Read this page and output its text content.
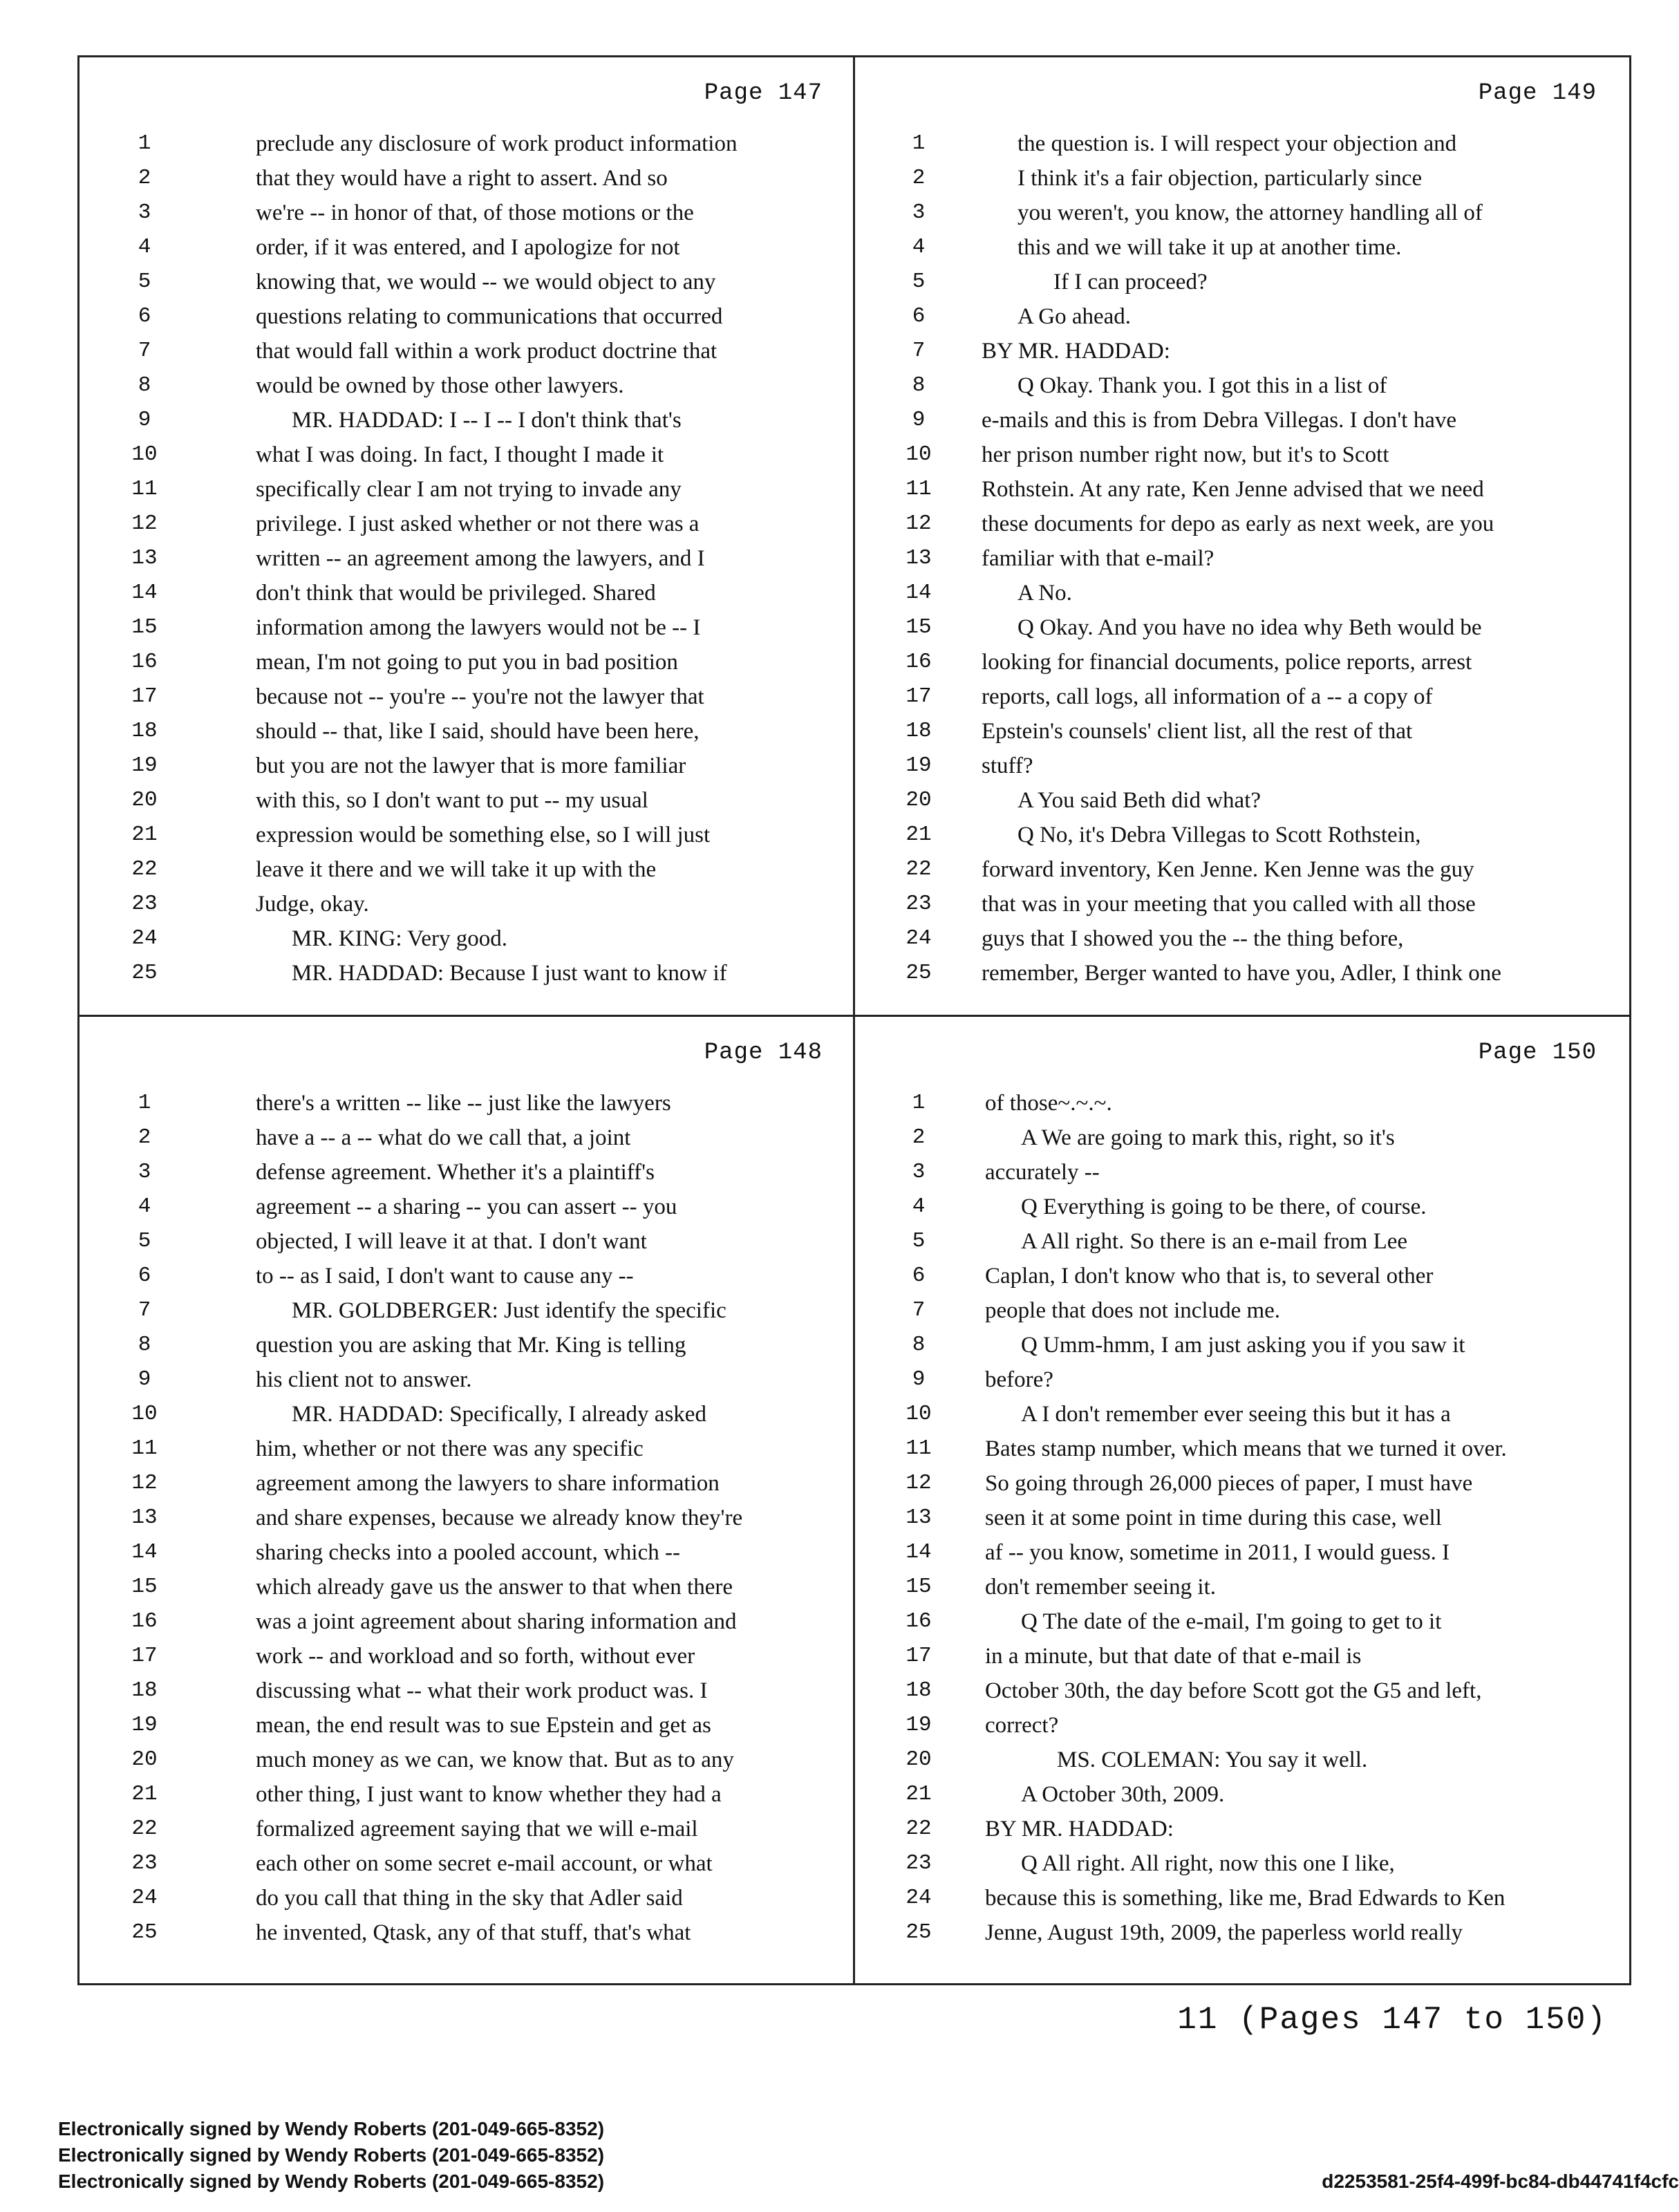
Page 147
1	preclude any disclosure of work product information
2	that they would have a right to assert. And so
3	we're -- in honor of that, of those motions or the
4	order, if it was entered, and I apologize for not
5	knowing that, we would -- we would object to any
6	questions relating to communications that occurred
7	that would fall within a work product doctrine that
8	would be owned by those other lawyers.
9	MR. HADDAD: I -- I -- I don't think that's
10	what I was doing. In fact, I thought I made it
11	specifically clear I am not trying to invade any
12	privilege. I just asked whether or not there was a
13	written -- an agreement among the lawyers, and I
14	don't think that would be privileged. Shared
15	information among the lawyers would not be -- I
16	mean, I'm not going to put you in bad position
17	because not -- you're -- you're not the lawyer that
18	should -- that, like I said, should have been here,
19	but you are not the lawyer that is more familiar
20	with this, so I don't want to put -- my usual
21	expression would be something else, so I will just
22	leave it there and we will take it up with the
23	Judge, okay.
24	MR. KING: Very good.
25	MR. HADDAD: Because I just want to know if
Page 149
1	the question is. I will respect your objection and
2	I think it's a fair objection, particularly since
3	you weren't, you know, the attorney handling all of
4	this and we will take it up at another time.
5	If I can proceed?
6	A Go ahead.
7	BY MR. HADDAD:
8	Q Okay. Thank you. I got this in a list of
9	e-mails and this is from Debra Villegas. I don't have
10	her prison number right now, but it's to Scott
11	Rothstein. At any rate, Ken Jenne advised that we need
12	these documents for depo as early as next week, are you
13	familiar with that e-mail?
14	A No.
15	Q Okay. And you have no idea why Beth would be
16	looking for financial documents, police reports, arrest
17	reports, call logs, all information of a -- a copy of
18	Epstein's counsels' client list, all the rest of that
19	stuff?
20	A You said Beth did what?
21	Q No, it's Debra Villegas to Scott Rothstein,
22	forward inventory, Ken Jenne. Ken Jenne was the guy
23	that was in your meeting that you called with all those
24	guys that I showed you the -- the thing before,
25	remember, Berger wanted to have you, Adler, I think one
Page 148
1	there's a written -- like -- just like the lawyers
2	have a -- a -- what do we call that, a joint
3	defense agreement. Whether it's a plaintiff's
4	agreement -- a sharing -- you can assert -- you
5	objected, I will leave it at that. I don't want
6	to -- as I said, I don't want to cause any --
7	MR. GOLDBERGER: Just identify the specific
8	question you are asking that Mr. King is telling
9	his client not to answer.
10	MR. HADDAD: Specifically, I already asked
11	him, whether or not there was any specific
12	agreement among the lawyers to share information
13	and share expenses, because we already know they're
14	sharing checks into a pooled account, which --
15	which already gave us the answer to that when there
16	was a joint agreement about sharing information and
17	work -- and workload and so forth, without ever
18	discussing what -- what their work product was. I
19	mean, the end result was to sue Epstein and get as
20	much money as we can, we know that. But as to any
21	other thing, I just want to know whether they had a
22	formalized agreement saying that we will e-mail
23	each other on some secret e-mail account, or what
24	do you call that thing in the sky that Adler said
25	he invented, Qtask, any of that stuff, that's what
Page 150
1	of those~.~.~.
2	A We are going to mark this, right, so it's
3	accurately --
4	Q Everything is going to be there, of course.
5	A All right. So there is an e-mail from Lee
6	Caplan, I don't know who that is, to several other
7	people that does not include me.
8	Q Umm-hmm, I am just asking you if you saw it
9	before?
10	A I don't remember ever seeing this but it has a
11	Bates stamp number, which means that we turned it over.
12	So going through 26,000 pieces of paper, I must have
13	seen it at some point in time during this case, well
14	af -- you know, sometime in 2011, I would guess. I
15	don't remember seeing it.
16	Q The date of the e-mail, I'm going to get to it
17	in a minute, but that date of that e-mail is
18	October 30th, the day before Scott got the G5 and left,
19	correct?
20	MS. COLEMAN: You say it well.
21	A October 30th, 2009.
22	BY MR. HADDAD:
23	Q All right. All right, now this one I like,
24	because this is something, like me, Brad Edwards to Ken
25	Jenne, August 19th, 2009, the paperless world really
11 (Pages 147 to 150)
Electronically signed by Wendy Roberts (201-049-665-8352)
Electronically signed by Wendy Roberts (201-049-665-8352)
Electronically signed by Wendy Roberts (201-049-665-8352)	d2253581-25f4-499f-bc84-db44741f4cfc
